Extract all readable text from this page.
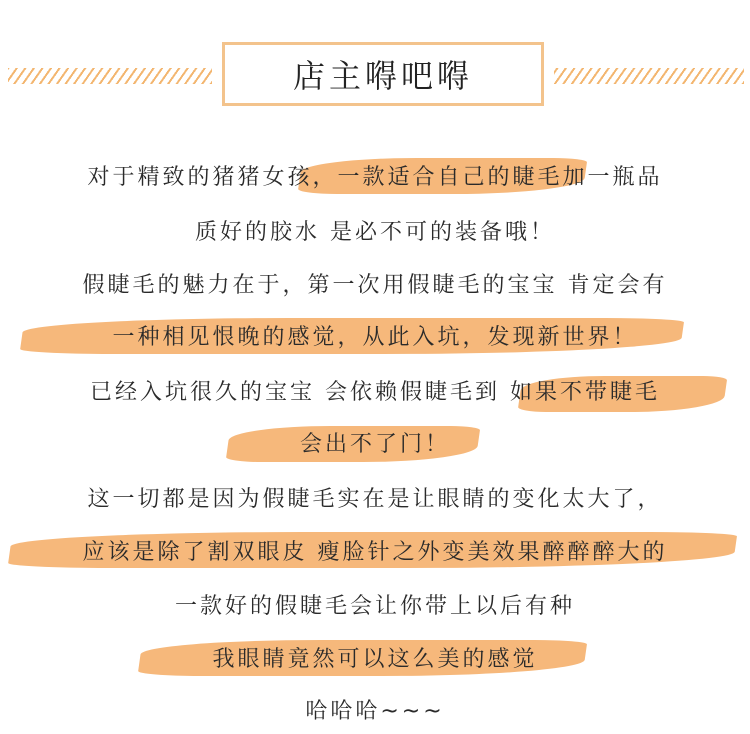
店主嘚吧嘚
对于精致的猪猪女孩，一款适合自己的睫毛加一瓶品
质好的胶水 是必不可的装备哦！
假睫毛的魅力在于，第一次用假睫毛的宝宝 肯定会有
一种相见恨晚的感觉，从此入坑，发现新世界！
已经入坑很久的宝宝 会依赖假睫毛到 如果不带睫毛
会出不了门！
这一切都是因为假睫毛实在是让眼睛的变化太大了，
应该是除了割双眼皮 瘦脸针之外变美效果醉醉醉大的
一款好的假睫毛会让你带上以后有种
我眼睛竟然可以这么美的感觉
哈哈哈~~~
